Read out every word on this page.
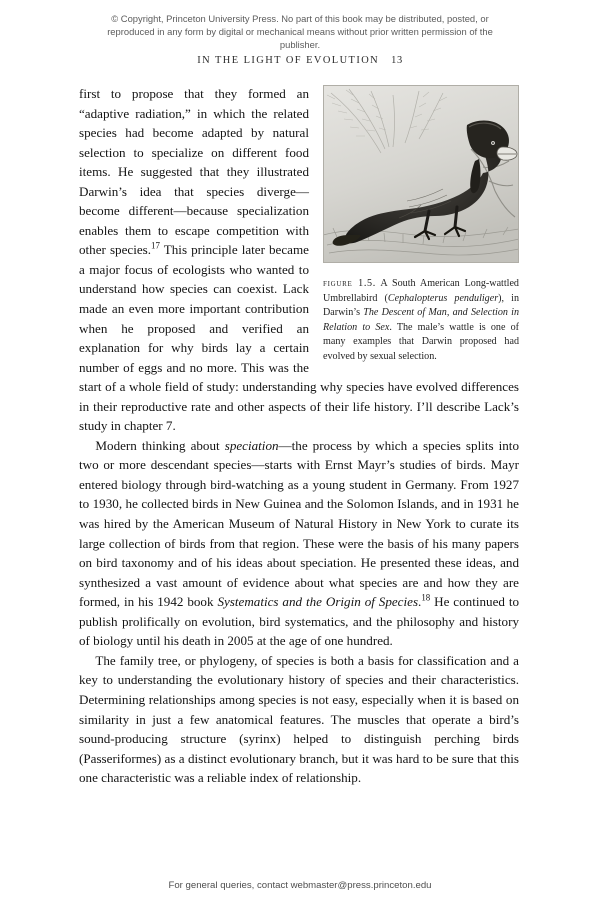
© Copyright, Princeton University Press. No part of this book may be distributed, posted, or reproduced in any form by digital or mechanical means without prior written permission of the publisher.
IN THE LIGHT OF EVOLUTION 13
figure 1.5. A South American Long-wattled Umbrellabird (Cephalopterus penduliger), in Darwin’s The Descent of Man, and Selection in Relation to Sex. The male’s wattle is one of many examples that Darwin proposed had evolved by sexual selection.

first to propose that they formed an “adaptive radiation,” in which the related species had become adapted by natural selection to specialize on different food items. He suggested that they illustrated Darwin’s idea that species diverge—become different—because specialization enables them to escape competition with other species.$^{17}$ This principle later became a major focus of ecologists who wanted to understand how species can coexist. Lack made an even more important contribution when he proposed and verified an explanation for why birds lay a certain number of eggs and no more. This was the start of a whole field of study: understanding why species have evolved differences in their reproductive rate and other aspects of their life history. I’ll describe Lack’s study in chapter 7.

Modern thinking about speciation—the process by which a species splits into two or more descendant species—starts with Ernst Mayr’s studies of birds. Mayr entered biology through bird-watching as a young student in Germany. From 1927 to 1930, he collected birds in New Guinea and the Solomon Islands, and in 1931 he was hired by the American Museum of Natural History in New York to curate its large collection of birds from that region. These were the basis of his many papers on bird taxonomy and of his ideas about speciation. He presented these ideas, and synthesized a vast amount of evidence about what species are and how they are formed, in his 1942 book Systematics and the Origin of Species.$^{18}$ He continued to publish prolifically on evolution, bird systematics, and the philosophy and history of biology until his death in 2005 at the age of one hundred.

The family tree, or phylogeny, of species is both a basis for classification and a key to understanding the evolutionary history of species and their characteristics. Determining relationships among species is not easy, especially when it is based on similarity in just a few anatomical features. The muscles that operate a bird’s sound-producing structure (syrinx) helped to distinguish perching birds (Passeriformes) as a distinct evolutionary branch, but it was hard to be sure that this one characteristic was a reliable index of relationship.

For general queries, contact webmaster@press.princeton.edu
